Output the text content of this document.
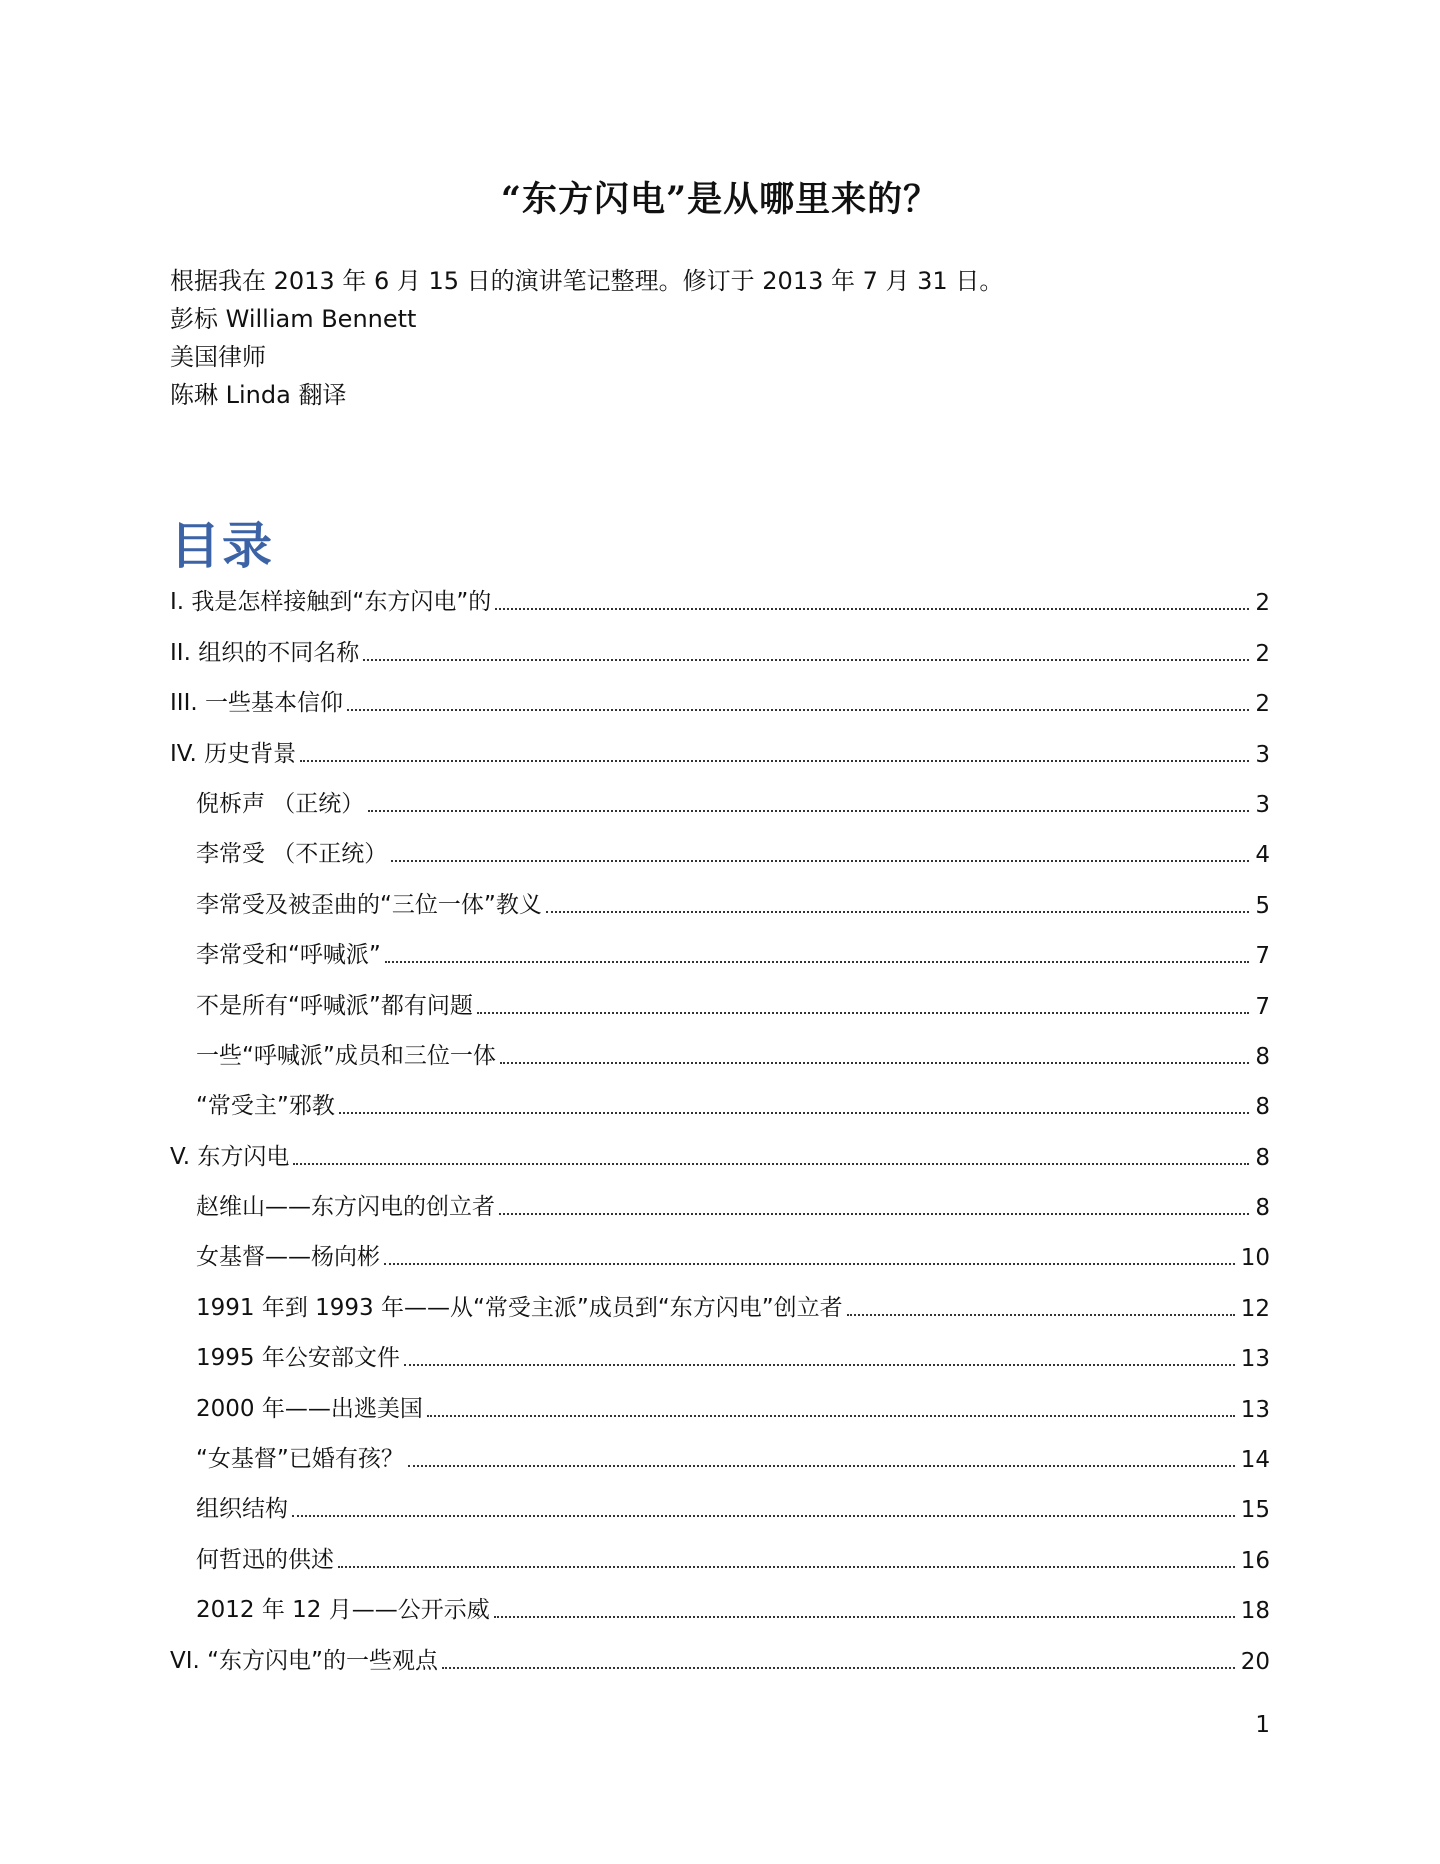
“东方闪电”是从哪里来的？
根据我在 2013 年 6 月 15 日的演讲笔记整理。修订于 2013 年 7 月 31 日。
彭标 William Bennett
美国律师
陈琳 Linda 翻译
目录
I. 我是怎样接触到“东方闪电”的	2
II. 组织的不同名称	2
III. 一些基本信仰	2
IV. 历史背景	3
倪柝声 （正统）	3
李常受 （不正统）	4
李常受及被歪曲的“三位一体”教义	5
李常受和“呼喊派”	7
不是所有“呼喊派”都有问题	7
一些“呼喊派”成员和三位一体	8
“常受主”邪教	8
V. 东方闪电	8
赵维山——东方闪电的创立者	8
女基督——杨向彬	10
1991 年到 1993 年——从“常受主派”成员到“东方闪电”创立者	12
1995 年公安部文件	13
2000 年——出逃美国	13
“女基督”已婚有孩？	14
组织结构	15
何哲迅的供述	16
2012 年 12 月——公开示威	18
VI. “东方闪电”的一些观点	20
1
